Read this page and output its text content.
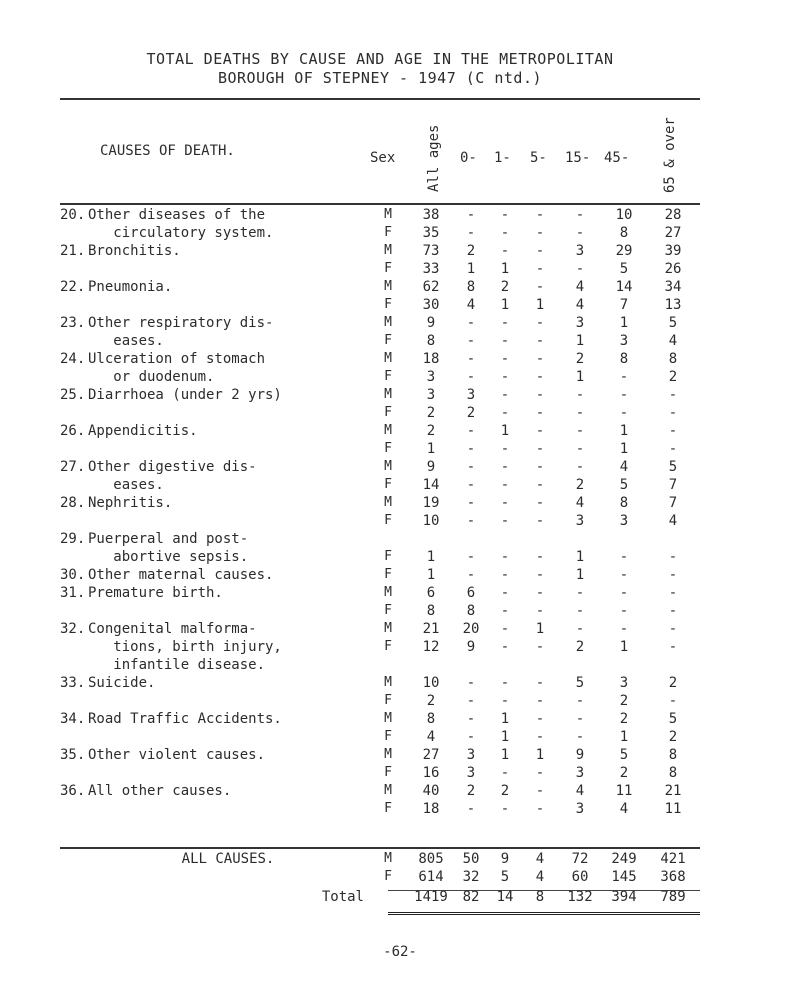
TOTAL DEATHS BY CAUSE AND AGE IN THE METROPOLITAN
BOROUGH OF STEPNEY - 1947 (C ntd.)
CAUSES OF DEATH.	Sex All ages 0- 1- 5- 15- 45- 65 & over
20.	Other diseases of the	M	38	-	-	-	-	10	28
	circulatory system.	F	35	-	-	-	-	8	27
21.	Bronchitis.	M	73	2	-	-	3	29	39
		F	33	1	1	-	-	5	26
22.	Pneumonia.	M	62	8	2	-	4	14	34
		F	30	4	1	1	4	7	13
23.	Other respiratory dis-	M	9	-	-	-	3	1	5
	eases.	F	8	-	-	-	1	3	4
24.	Ulceration of stomach	M	18	-	-	-	2	8	8
	or duodenum.	F	3	-	-	-	1	-	2
25.	Diarrhoea (under 2 yrs)	M	3	3	-	-	-	-	-
		F	2	2	-	-	-	-	-
26.	Appendicitis.	M	2	-	1	-	-	1	-
		F	1	-	-	-	-	1	-
27.	Other digestive dis-	M	9	-	-	-	-	4	5
	eases.	F	14	-	-	-	2	5	7
28.	Nephritis.	M	19	-	-	-	4	8	7
		F	10	-	-	-	3	3	4
29.	Puerperal and post-								
	abortive sepsis.	F	1	-	-	-	1	-	-
30.	Other maternal causes.	F	1	-	-	-	1	-	-
31.	Premature birth.	M	6	6	-	-	-	-	-
		F	8	8	-	-	-	-	-
32.	Congenital malforma-	M	21	20	-	1	-	-	-
	tions, birth injury,	F	12	9	-	-	2	1	-
	infantile disease.								
33.	Suicide.	M	10	-	-	-	5	3	2
		F	2	-	-	-	-	2	-
34.	Road Traffic Accidents.	M	8	-	1	-	-	2	5
		F	4	-	1	-	-	1	2
35.	Other violent causes.	M	27	3	1	1	9	5	8
		F	16	3	-	-	3	2	8
36.	All other causes.	M	40	2	2	-	4	11	21
		F	18	-	-	-	3	4	11
	ALL CAUSES.	M	805	50	9	4	72	249	421
		F	614	32	5	4	60	145	368
	Total		1419	82	14	8	132	394	789
-62-
